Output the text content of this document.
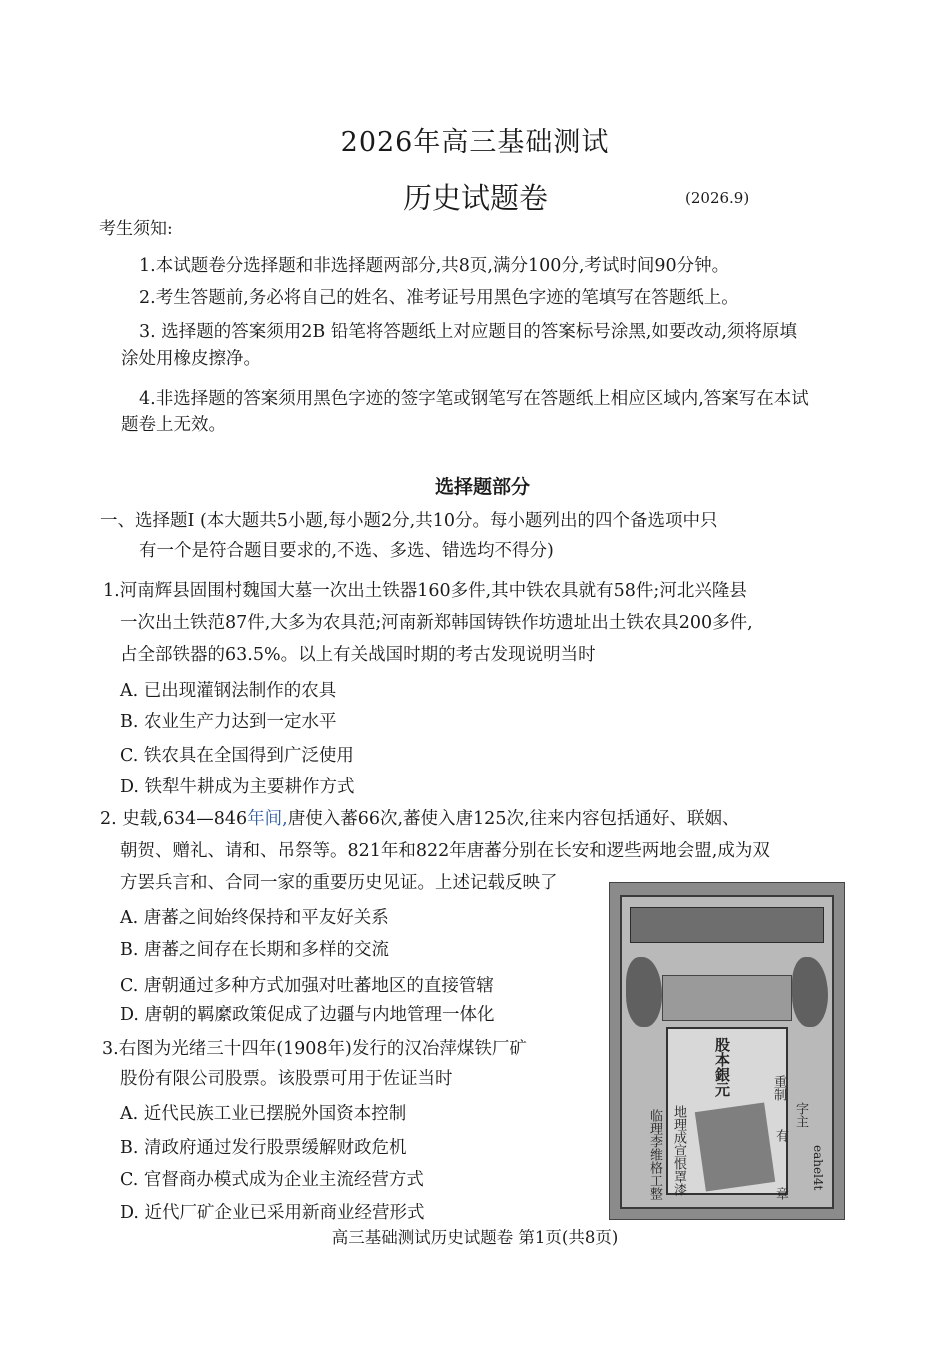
2026年高三基础测试
历史试题卷	(2026.9)
考生须知:
1.本试题卷分选择题和非选择题两部分,共8页,满分100分,考试时间90分钟。
2.考生答题前,务必将自己的姓名、准考证号用黑色字迹的笔填写在答题纸上。
3. 选择题的答案须用2B 铅笔将答题纸上对应题目的答案标号涂黑,如要改动,须将原填
涂处用橡皮擦净。
4.非选择题的答案须用黑色字迹的签字笔或钢笔写在答题纸上相应区域内,答案写在本试
题卷上无效。
选择题部分
一、选择题I (本大题共5小题,每小题2分,共10分。每小题列出的四个备选项中只
有一个是符合题目要求的,不选、多选、错选均不得分)
1.河南辉县固围村魏国大墓一次出土铁器160多件,其中铁农具就有58件;河北兴隆县
一次出土铁范87件,大多为农具范;河南新郑韩国铸铁作坊遗址出土铁农具200多件,
占全部铁器的63.5%。以上有关战国时期的考古发现说明当时
A. 已出现灌钢法制作的农具
B. 农业生产力达到一定水平
C. 铁农具在全国得到广泛使用
D. 铁犁牛耕成为主要耕作方式
2. 史载,634—846年间,唐使入蕃66次,蕃使入唐125次,往来内容包括通好、联姻、
朝贺、赠礼、请和、吊祭等。821年和822年唐蕃分别在长安和逻些两地会盟,成为双
方罢兵言和、合同一家的重要历史见证。上述记载反映了
A. 唐蕃之间始终保持和平友好关系
B. 唐蕃之间存在长期和多样的交流
C. 唐朝通过多种方式加强对吐蕃地区的直接管辖
D. 唐朝的羁縻政策促成了边疆与内地管理一体化
3.右图为光绪三十四年(1908年)发行的汉冶萍煤铁厂矿
股份有限公司股票。该股票可用于佐证当时
A. 近代民族工业已摆脱外国资本控制
B. 清政府通过发行股票缓解财政危机
C. 官督商办模式成为企业主流经营方式
D. 近代厂矿企业已采用新商业经营形式
股本銀元	重制
字主
有
地理成宣恨罩漆
临理李维格工整	章
eahel4t
高三基础测试历史试题卷 第1页(共8页)
